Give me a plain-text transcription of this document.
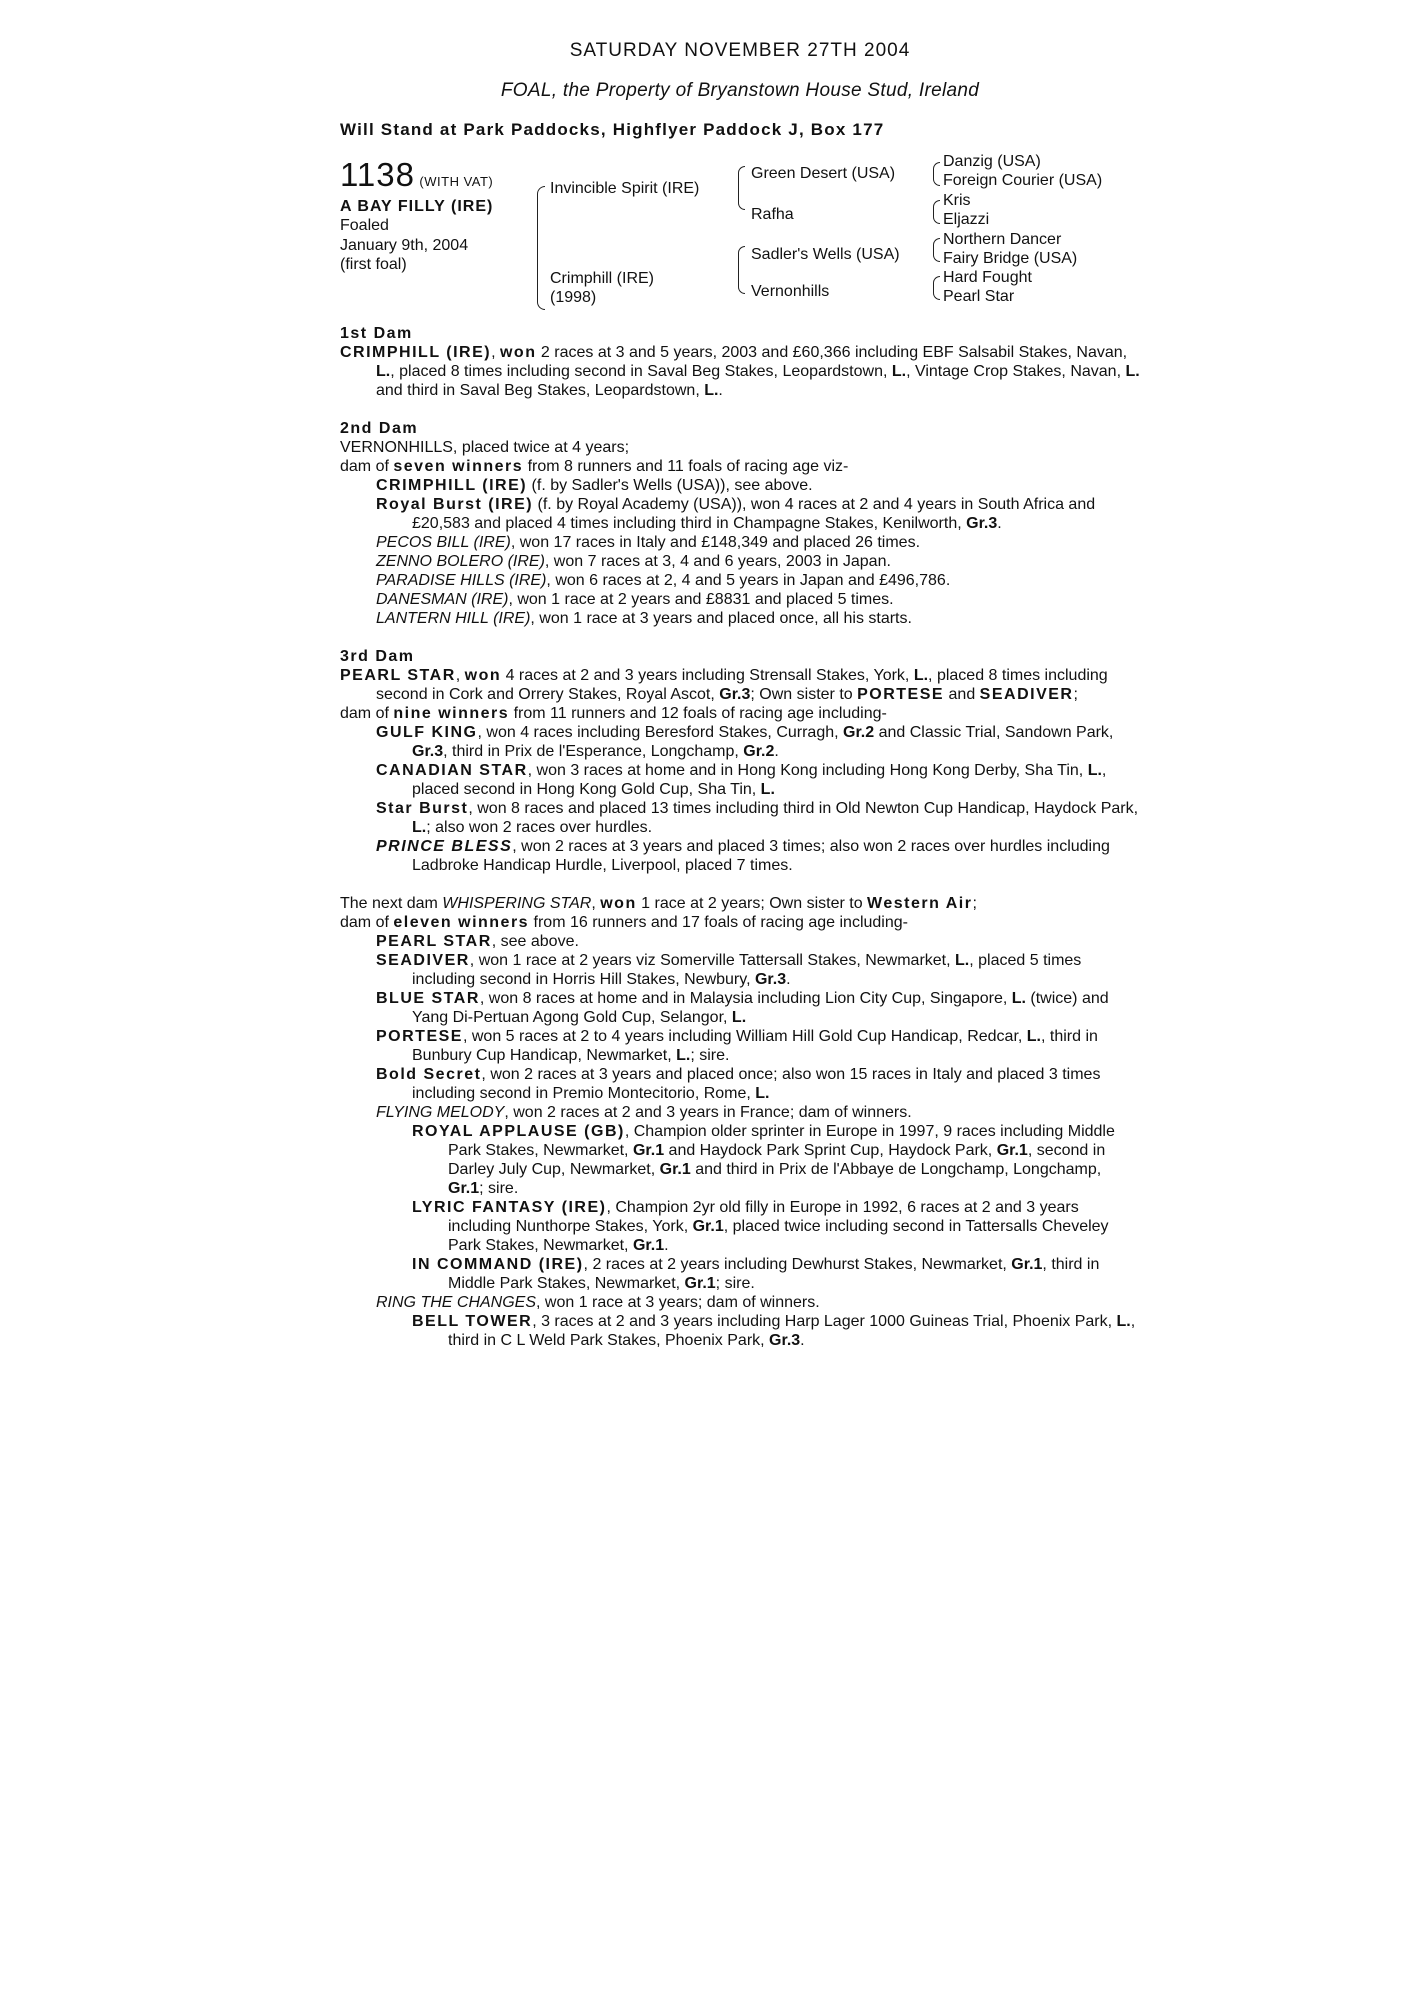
SATURDAY NOVEMBER 27TH 2004
FOAL, the Property of Bryanstown House Stud, Ireland
Will Stand at Park Paddocks, Highflyer Paddock J, Box 177
1138 (WITH VAT)
A BAY FILLY (IRE)
Foaled
January 9th, 2004
(first foal)
Invincible Spirit (IRE)
Crimphill (IRE)
(1998)
Green Desert (USA)
Rafha
Sadler's Wells (USA)
Vernonhills
Danzig (USA)
Foreign Courier (USA)
Kris
Eljazzi
Northern Dancer
Fairy Bridge (USA)
Hard Fought
Pearl Star
1st Dam
CRIMPHILL (IRE), won 2 races at 3 and 5 years, 2003 and £60,366 including EBF Salsabil Stakes, Navan, L., placed 8 times including second in Saval Beg Stakes, Leopardstown, L., Vintage Crop Stakes, Navan, L. and third in Saval Beg Stakes, Leopardstown, L..
2nd Dam
VERNONHILLS, placed twice at 4 years;
dam of seven winners from 8 runners and 11 foals of racing age viz-
CRIMPHILL (IRE) (f. by Sadler's Wells (USA)), see above.
Royal Burst (IRE) (f. by Royal Academy (USA)), won 4 races at 2 and 4 years in South Africa and £20,583 and placed 4 times including third in Champagne Stakes, Kenilworth, Gr.3.
PECOS BILL (IRE), won 17 races in Italy and £148,349 and placed 26 times.
ZENNO BOLERO (IRE), won 7 races at 3, 4 and 6 years, 2003 in Japan.
PARADISE HILLS (IRE), won 6 races at 2, 4 and 5 years in Japan and £496,786.
DANESMAN (IRE), won 1 race at 2 years and £8831 and placed 5 times.
LANTERN HILL (IRE), won 1 race at 3 years and placed once, all his starts.
3rd Dam
PEARL STAR, won 4 races at 2 and 3 years including Strensall Stakes, York, L., placed 8 times including second in Cork and Orrery Stakes, Royal Ascot, Gr.3; Own sister to PORTESE and SEADIVER;
dam of nine winners from 11 runners and 12 foals of racing age including-
GULF KING, won 4 races including Beresford Stakes, Curragh, Gr.2 and Classic Trial, Sandown Park, Gr.3, third in Prix de l'Esperance, Longchamp, Gr.2.
CANADIAN STAR, won 3 races at home and in Hong Kong including Hong Kong Derby, Sha Tin, L., placed second in Hong Kong Gold Cup, Sha Tin, L.
Star Burst, won 8 races and placed 13 times including third in Old Newton Cup Handicap, Haydock Park, L.; also won 2 races over hurdles.
PRINCE BLESS, won 2 races at 3 years and placed 3 times; also won 2 races over hurdles including Ladbroke Handicap Hurdle, Liverpool, placed 7 times.
The next dam WHISPERING STAR, won 1 race at 2 years; Own sister to Western Air;
dam of eleven winners from 16 runners and 17 foals of racing age including-
PEARL STAR, see above.
SEADIVER, won 1 race at 2 years viz Somerville Tattersall Stakes, Newmarket, L., placed 5 times including second in Horris Hill Stakes, Newbury, Gr.3.
BLUE STAR, won 8 races at home and in Malaysia including Lion City Cup, Singapore, L. (twice) and Yang Di-Pertuan Agong Gold Cup, Selangor, L.
PORTESE, won 5 races at 2 to 4 years including William Hill Gold Cup Handicap, Redcar, L., third in Bunbury Cup Handicap, Newmarket, L.; sire.
Bold Secret, won 2 races at 3 years and placed once; also won 15 races in Italy and placed 3 times including second in Premio Montecitorio, Rome, L.
FLYING MELODY, won 2 races at 2 and 3 years in France; dam of winners.
ROYAL APPLAUSE (GB), Champion older sprinter in Europe in 1997, 9 races including Middle Park Stakes, Newmarket, Gr.1 and Haydock Park Sprint Cup, Haydock Park, Gr.1, second in Darley July Cup, Newmarket, Gr.1 and third in Prix de l'Abbaye de Longchamp, Longchamp, Gr.1; sire.
LYRIC FANTASY (IRE), Champion 2yr old filly in Europe in 1992, 6 races at 2 and 3 years including Nunthorpe Stakes, York, Gr.1, placed twice including second in Tattersalls Cheveley Park Stakes, Newmarket, Gr.1.
IN COMMAND (IRE), 2 races at 2 years including Dewhurst Stakes, Newmarket, Gr.1, third in Middle Park Stakes, Newmarket, Gr.1; sire.
RING THE CHANGES, won 1 race at 3 years; dam of winners.
BELL TOWER, 3 races at 2 and 3 years including Harp Lager 1000 Guineas Trial, Phoenix Park, L., third in C L Weld Park Stakes, Phoenix Park, Gr.3.
